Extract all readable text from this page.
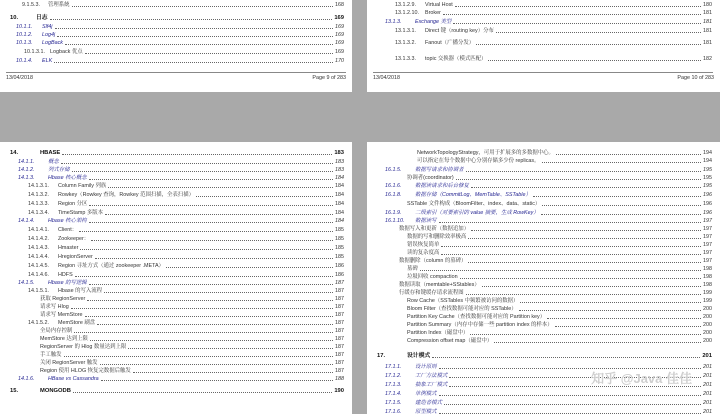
9.1.5.3.	管理系統	168
10.	日志	169
10.1.1.	Slf4j	169
10.1.2.	Log4j	169
10.1.3.	LogBack	169
10.1.3.1. Logback 优点	169
10.1.4.	ELK	170
13/04/2018	Page 9 of 283
13.1.2.9.	Virtual Host	180
13.1.2.10.	Broker	181
13.1.3.	Exchange 类型	181
13.1.3.1.	Direct 键（routing key）分布	181
13.1.3.2.	Fanout（广播分发）	181
13.1.3.3.	topic 交换器（模式匹配）	182
13/04/2018	Page 10 of 283
14.	HBASE	183
14.1.1.	概念	183
14.1.2.	列式存储	183
14.1.3.	Hbase 核心概念	184
14.1.3.1.	Column Family 列族	184
14.1.3.2.	Rowkey（Rowkey 查询，Rowkey 范围扫描，全表扫描）	184
14.1.3.3.	Region 分区	184
14.1.3.4.	TimeStamp 多版本	184
14.1.4.	Hbase 核心架构	184
14.1.4.1.	Client：	185
14.1.4.2.	Zookeeper：	185
14.1.4.3.	Hmaster	185
14.1.4.4.	HregionServer	185
14.1.4.5.	Region 寻址方式（通过 zookeeper .META）	186
14.1.4.6.	HDFS	186
14.1.5.	Hbase 的写逻辑	187
14.1.5.1.	Hbase 的写入流程	187
获取 RegionServer	187
请求写 Hlog	187
请求写 MemStore	187
14.1.5.2.	MemStore 刷盘	187
全局内存控制	187
MemStore 达到上限	187
RegionServer 的 Hlog 数量达到上限	187
手工触发	187
关闭 RegionServer 触发	187
Region 使用 HLOG 恢复完数据后触发	187
14.1.6.	HBase vs Cassandra	188
15.	MONGODB	190
NetworkTopologyStrategy，可用于扩展多的多数据中心。	194
可以指定在每个数据中心分别存储多少份 replicas。	194
16.1.5.	数据写请求和协调者	195
协调者(coordinator)	195
16.1.6.	数据读请求和后台修复	195
16.1.8.	数据存储（CommitLog、MemTable、SSTable）	196
SSTable 文件构成（BloomFilter、index、data、static）	196
16.1.9.	二级索引（对要索引的 value 摘要，生成 RowKey）	196
16.1.10.	数据读写	197
数据写入和更新（数据追加）	197
数据的写和删除效率极高	197
错误恢复简单	197
读的复杂度高	197
数据删除（column 的墓碑）	197
墓碑	198
垃圾回收 compaction	198
数据读取（memtable+SStables）	198
行缓存和键缓存请求流程图	199
Row Cache（SSTables 中频繁被访问的数据）	199
Bloom Filter（查找数据可能对应的 SSTable）	200
Partition Key Cache（查找数据可能对应的 Partition key）	200
Partition Summary（内存中存储一些 partition index 的样本）	200
Partition Index（磁盘中）	200
Compression offset map（磁盘中）	200
17.	设计模式	201
17.1.1.	设计原则	201
17.1.2.	工厂方法模式	201
17.1.3.	抽象工厂模式	201
17.1.4.	单例模式	201
17.1.5.	建造者模式	201
17.1.6.	原型模式	201
知乎 @Java 佳佳
